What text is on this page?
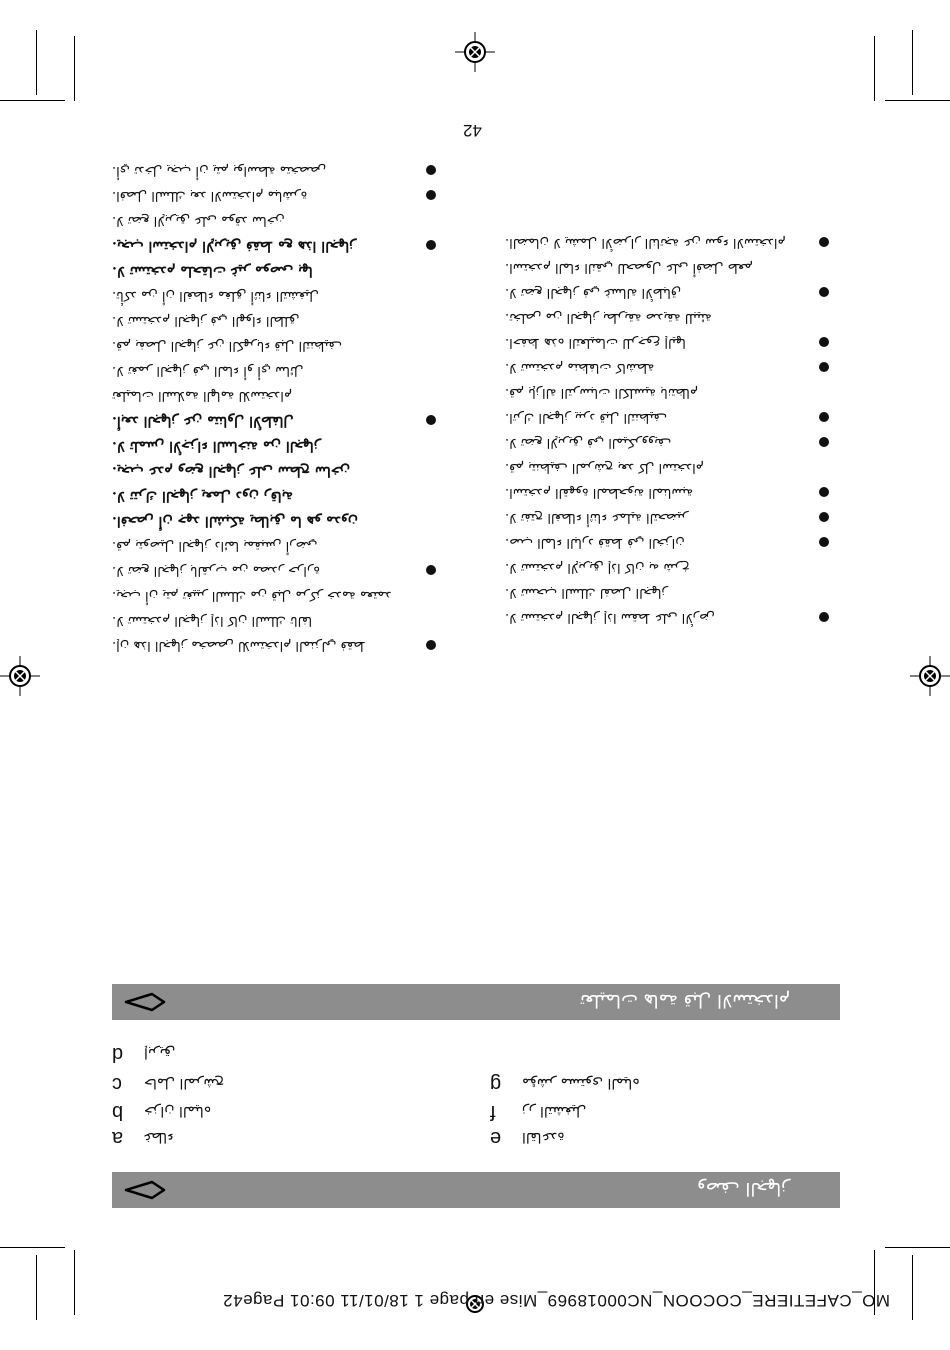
42
إن هذا الجهاز مخصص للاستخدام المنزلي فقط.
لا تستخدم الجهاز إذا كان السلك تالفا.
يجب أن يتم تغيير السلك من قبل مركز خدمة معتمد.
لا تضع الجهاز بالقرب من مصدر حرارة.
قم بتوصيل الجهاز دائما بمقبس أرضي.
افحص أن جهد الشبكة يطابق ما هو مدون.
لا تترك الجهاز يعمل دون رقابة.
يجب عدم وضع الجهاز على سطح ساخن.
لا تلمس الأجزاء الساخنة من الجهاز.
أبعد الجهاز عن متناول الأطفال.
تعليمات السلامة الهامة للاستخدام
لا تغمر الجهاز في الماء أو أي سائل.
قم بفصل الجهاز عن الكهرباء قبل التنظيف.
لا تستخدم الجهاز في الهواء الطلق.
تأكد من أن الغطاء مغلق أثناء التشغيل.
لا تستخدم ملحقات غير موصى بها.
يجب استخدام الإبريق فقط مع هذا الجهاز.
لا تضع الإبريق على موقد ساخن.
افصل السلك بعد الاستخدام مباشرة.
أي تدخل يجب أن يتم بواسطة متخصص.
لا تستخدم الجهاز إذا سقط على الأرض.
لا تسحب السلك لفصل الجهاز.
لا تستخدم الإبريق إذا كان به شرخ.
صب الماء البارد فقط في الخزان.
لا تفتح الغطاء أثناء عملية التحضير.
استخدم القهوة المطحونة المناسبة.
قم بتنظيف المرشح بعد كل استخدام.
لا تضع الإبريق في الميكروويف.
اترك الجهاز يبرد قبل التنظيف.
قم بإزالة الترسبات الكلسية بانتظام.
لا تستخدم منظفات كاشطة.
احفظ هذه التعليمات للرجوع إليها.
تخلص من الجهاز بطريقة صديقة للبيئة.
لا تضع الجهاز في غسالة الأطباق.
استخدم الماء النقي للحصول على أفضل طعم.
الضمان لا يشمل الأضرار الناتجة عن سوء الاستخدام.
تعليمات هامة قبل الاستخدام
d إبريق
c حامل المرشح
b خزان المياه
a غطاء
g مؤشر مستوى المياه
f زر التشغيل
e القاعدة
وصف الجهاز
MO_CAFETIERE_COCOON_NC00018969_Mise en page 1 18/01/11 09:01 Page42
